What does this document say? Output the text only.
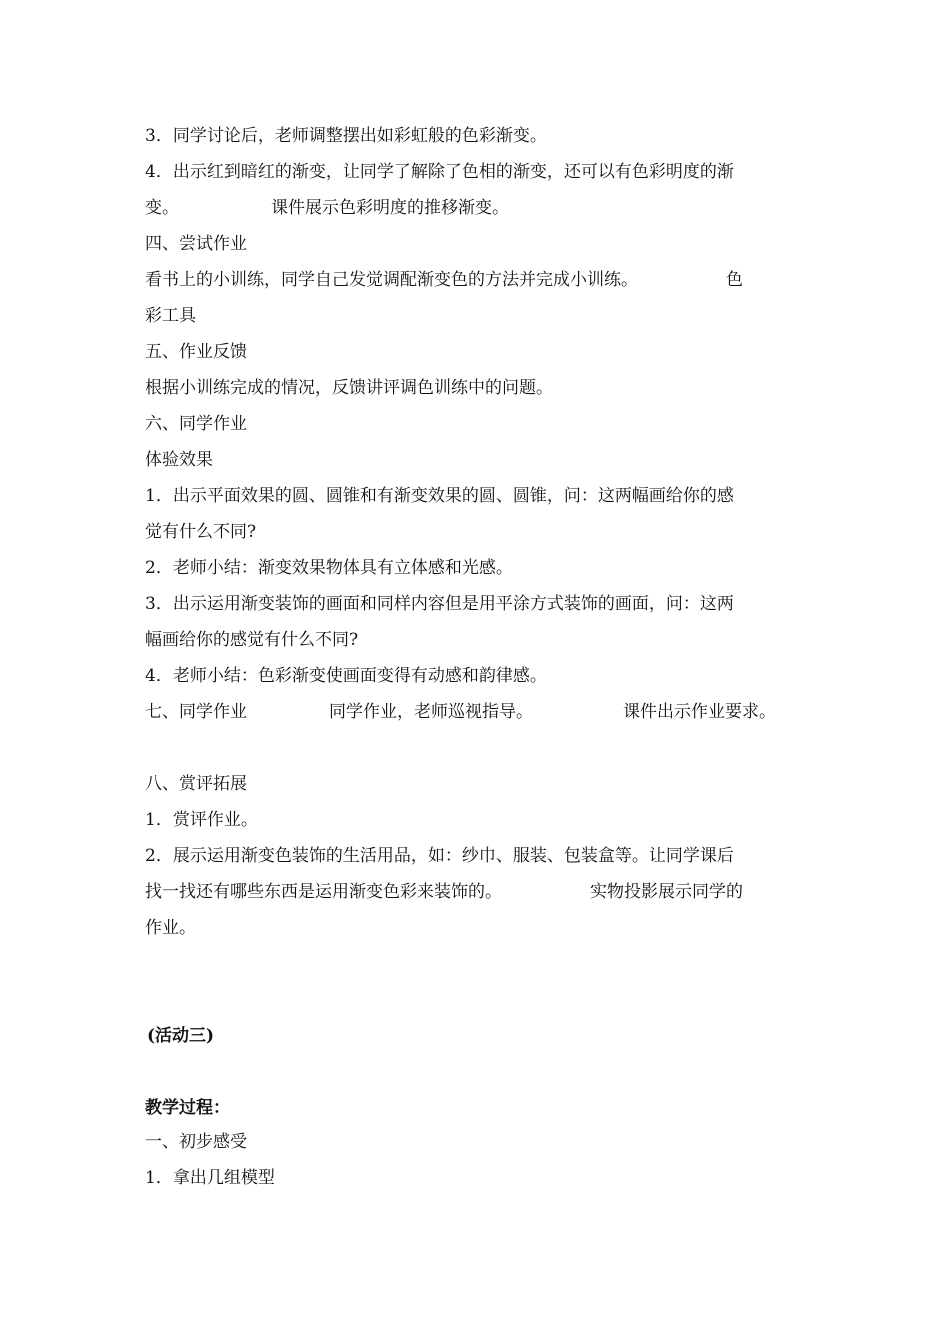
3．同学讨论后，老师调整摆出如彩虹般的色彩渐变。
4．出示红到暗红的渐变，让同学了解除了色相的渐变，还可以有色彩明度的渐
变。	课件展示色彩明度的推移渐变。
四、尝试作业
看书上的小训练，同学自己发觉调配渐变色的方法并完成小训练。	色
彩工具
五、作业反馈
根据小训练完成的情况，反馈讲评调色训练中的问题。
六、同学作业
体验效果
1．出示平面效果的圆、圆锥和有渐变效果的圆、圆锥，问：这两幅画给你的感
觉有什么不同?
2．老师小结：渐变效果物体具有立体感和光感。
3．出示运用渐变装饰的画面和同样内容但是用平涂方式装饰的画面，问：这两
幅画给你的感觉有什么不同?
4．老师小结：色彩渐变使画面变得有动感和韵律感。
七、同学作业	同学作业，老师巡视指导。	课件出示作业要求。
八、赏评拓展
1．赏评作业。
2．展示运用渐变色装饰的生活用品，如：纱巾、服装、包装盒等。让同学课后
找一找还有哪些东西是运用渐变色彩来装饰的。	实物投影展示同学的
作业。
(活动三)
教学过程：
一、初步感受
1．拿出几组模型
